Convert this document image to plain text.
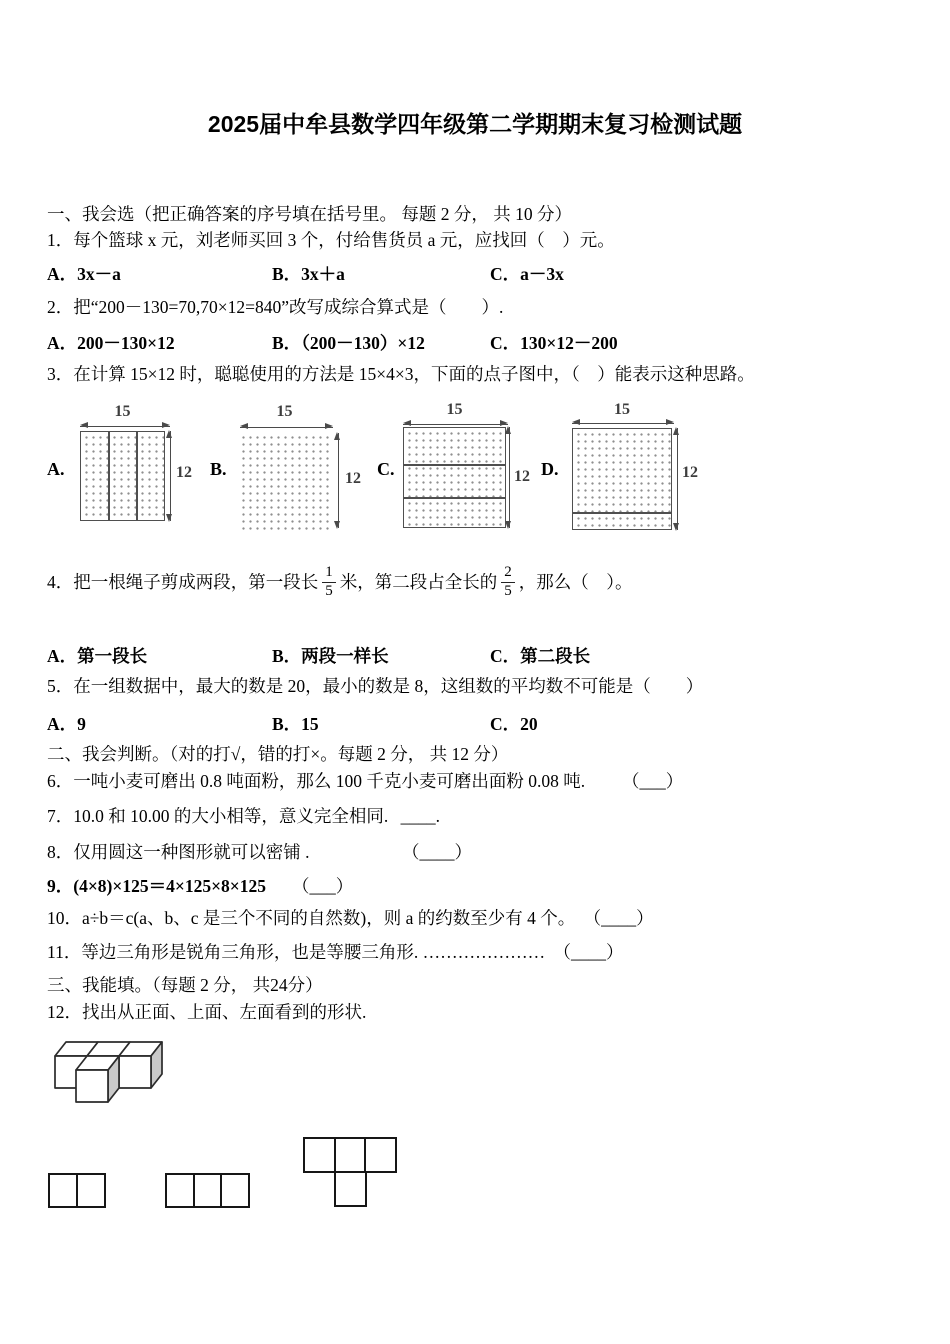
2025届中牟县数学四年级第二学期期末复习检测试题
一、我会选（把正确答案的序号填在括号里。 每题 2 分， 共 10 分）
1．每个篮球 x 元，刘老师买回 3 个，付给售货员 a 元，应找回（　）元。
A．3x－a	B．3x＋a	C．a－3x
2．把“200－130=70,70×12=840”改写成综合算式是（　　）.
A．200－130×12	B．（200－130）×12	C．130×12－200
3．在计算 15×12 时，聪聪使用的方法是 15×4×3，下面的点子图中，（　）能表示这种思路。
A.
15
12 B.
15
12 C.
15
12 D.
15
12
4．把一根绳子剪成两段，第一段长 $\frac{1}{5}$ 米，第二段占全长的 $\frac{2}{5}$ ，那么（　）。
A．第一段长	B．两段一样长	C．第二段长
5．在一组数据中，最大的数是 20，最小的数是 8，这组数的平均数不可能是（　　）
A．9	B．15	C．20
二、我会判断。（对的打√，错的打×。每题 2 分， 共 12 分）
6．一吨小麦可磨出 0.8 吨面粉，那么 100 千克小麦可磨出面粉 0.08 吨. （___）
7．10.0 和 10.00 的大小相等，意义完全相同. ____.
8．仅用圆这一种图形就可以密铺 .	（____）
9．(4×8)×125＝4×125×8×125 （___）
10．a÷b＝c(a、b、c 是三个不同的自然数)，则 a 的约数至少有 4 个。 （____）
11．等边三角形是锐角三角形，也是等腰三角形. ………………… （____）
三、我能填。（每题 2 分， 共24分）
12．找出从正面、上面、左面看到的形状.
